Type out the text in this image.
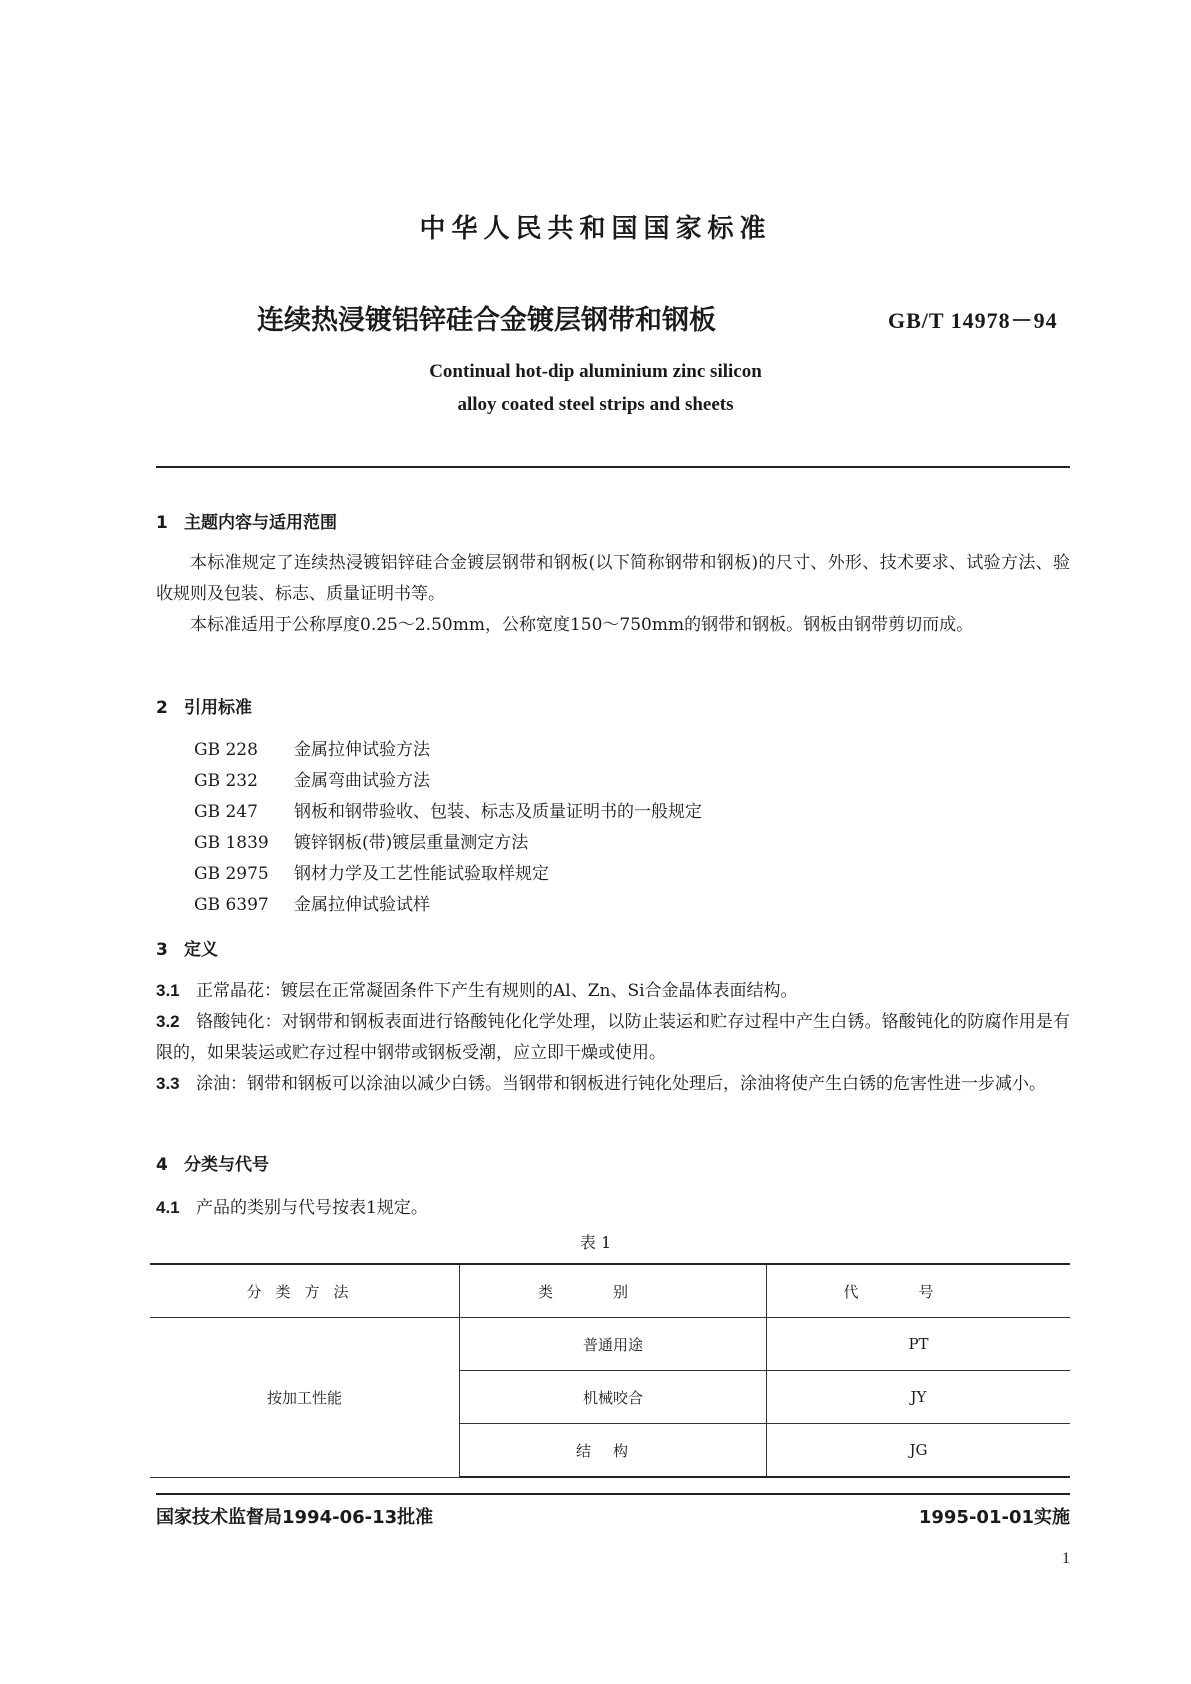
中华人民共和国国家标准
连续热浸镀铝锌硅合金镀层钢带和钢板	GB/T 14978－94
Continual hot-dip aluminium zinc silicon
alloy coated steel strips and sheets
1 主题内容与适用范围
本标准规定了连续热浸镀铝锌硅合金镀层钢带和钢板(以下简称钢带和钢板)的尺寸、外形、技术要求、试验方法、验收规则及包装、标志、质量证明书等。
本标准适用于公称厚度0.25～2.50mm，公称宽度150～750mm的钢带和钢板。钢板由钢带剪切而成。
2 引用标准
GB 228 金属拉伸试验方法
GB 232 金属弯曲试验方法
GB 247 钢板和钢带验收、包装、标志及质量证明书的一般规定
GB 1839 镀锌钢板(带)镀层重量测定方法
GB 2975 钢材力学及工艺性能试验取样规定
GB 6397 金属拉伸试验试样
3 定义
3.1 正常晶花：镀层在正常凝固条件下产生有规则的Al、Zn、Si合金晶体表面结构。
3.2 铬酸钝化：对钢带和钢板表面进行铬酸钝化化学处理，以防止装运和贮存过程中产生白锈。铬酸钝化的防腐作用是有限的，如果装运或贮存过程中钢带或钢板受潮，应立即干燥或使用。
3.3 涂油：钢带和钢板可以涂油以减少白锈。当钢带和钢板进行钝化处理后，涂油将使产生白锈的危害性进一步减小。
4 分类与代号
4.1 产品的类别与代号按表1规定。
表 1
分类方法	类别	代号
按加工性能	普通用途	PT
	机械咬合	JY
	结构	JG
国家技术监督局1994-06-13批准	1995-01-01实施
1
